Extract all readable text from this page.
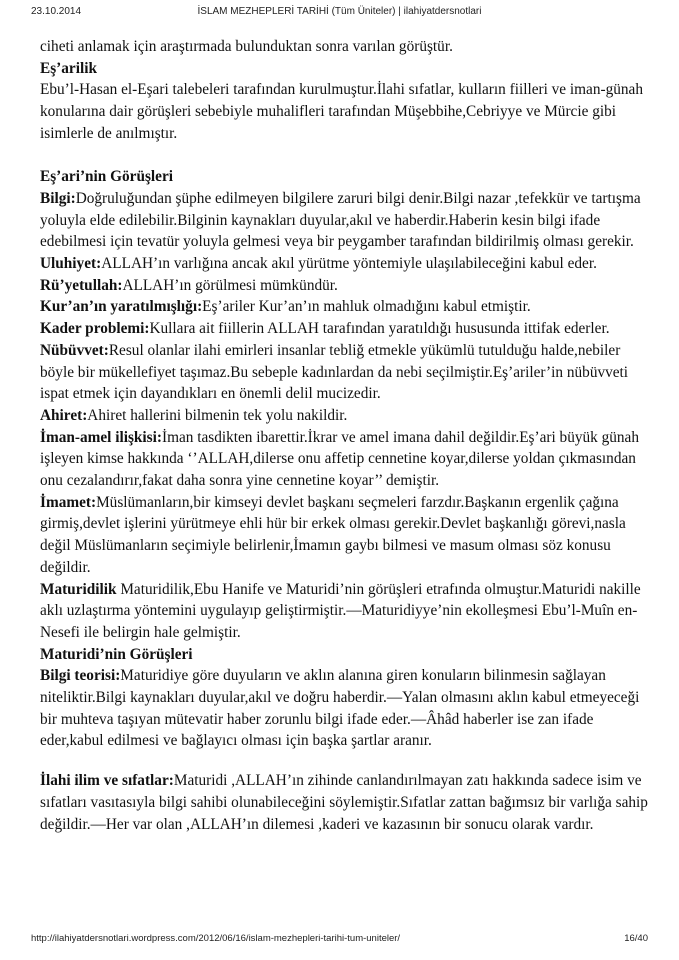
23.10.2014	İSLAM MEZHEPLERİ TARİHİ (Tüm Üniteler) | ilahiyatdersnotlari

ciheti anlamak için araştırmada bulunduktan sonra varılan görüştür.

Eş’arilik

Ebu’l-Hasan el-Eşari talebeleri tarafından kurulmuştur.İlahi sıfatlar, kulların fiilleri ve iman-günah konularına dair görüşleri sebebiyle muhalifleri tarafından Müşebbihe,Cebriyye ve Mürcie gibi isimlerle de anılmıştır.

Eş’ari’nin Görüşleri

Bilgi:Doğruluğundan şüphe edilmeyen bilgilere zaruri bilgi denir.Bilgi nazar ,tefekkür ve tartışma yoluyla elde edilebilir.Bilginin kaynakları duyular,akıl ve haberdir.Haberin kesin bilgi ifade edebilmesi için tevatür yoluyla gelmesi veya bir peygamber tarafından bildirilmiş olması gerekir.

Uluhiyet:ALLAH’ın varlığına ancak akıl yürütme yöntemiyle ulaşılabileceğini kabul eder.

Rü’yetullah:ALLAH’ın görülmesi mümkündür.

Kur’an’ın yaratılmışlığı:Eş’ariler Kur’an’ın mahluk olmadığını kabul etmiştir.

Kader problemi:Kullara ait fiillerin ALLAH tarafından yaratıldığı hususunda ittifak ederler.

Nübüvvet:Resul olanlar ilahi emirleri insanlar tebliğ etmekle yükümlü tutulduğu halde,nebiler böyle bir mükellefiyet taşımaz.Bu sebeple kadınlardan da nebi seçilmiştir.Eş’ariler’in nübüvveti ispat etmek için dayandıkları en önemli delil mucizedir.

Ahiret:Ahiret hallerini bilmenin tek yolu nakildir.

İman-amel ilişkisi:İman tasdikten ibarettir.İkrar ve amel imana dahil değildir.Eş’ari büyük günah işleyen kimse hakkında ‘’ALLAH,dilerse onu affetip cennetine koyar,dilerse yoldan çıkmasından onu cezalandırır,fakat daha sonra yine cennetine koyar’’ demiştir.

İmamet:Müslümanların,bir kimseyi devlet başkanı seçmeleri farzdır.Başkanın ergenlik çağına girmiş,devlet işlerini yürütmeye ehli hür bir erkek olması gerekir.Devlet başkanlığı görevi,nasla değil Müslümanların seçimiyle belirlenir,İmamın gaybı bilmesi ve masum olması söz konusu değildir.

Maturidilik Maturidilik,Ebu Hanife ve Maturidi’nin görüşleri etrafında olmuştur.Maturidi nakille aklı uzlaştırma yöntemini uygulayıp geliştirmiştir.—Maturidiyye’nin ekolleşmesi Ebu’l-Muîn en-Nesefi ile belirgin hale gelmiştir.

Maturidi’nin Görüşleri

Bilgi teorisi:Maturidiye göre duyuların ve aklın alanına giren konuların bilinmesin sağlayan niteliktir.Bilgi kaynakları duyular,akıl ve doğru haberdir.—Yalan olmasını aklın kabul etmeyeceği bir muhteva taşıyan mütevatir haber zorunlu bilgi ifade eder.—Âhâd haberler ise zan ifade eder,kabul edilmesi ve bağlayıcı olması için başka şartlar aranır.

İlahi ilim ve sıfatlar:Maturidi ,ALLAH’ın zihinde canlandırılmayan zatı hakkında sadece isim ve sıfatları vasıtasıyla bilgi sahibi olunabileceğini söylemiştir.Sıfatlar zattan bağımsız bir varlığa sahip değildir.—Her var olan ,ALLAH’ın dilemesi ,kaderi ve kazasının bir sonucu olarak vardır.

http://ilahiyatdersnotlari.wordpress.com/2012/06/16/islam-mezhepleri-tarihi-tum-uniteler/	16/40
